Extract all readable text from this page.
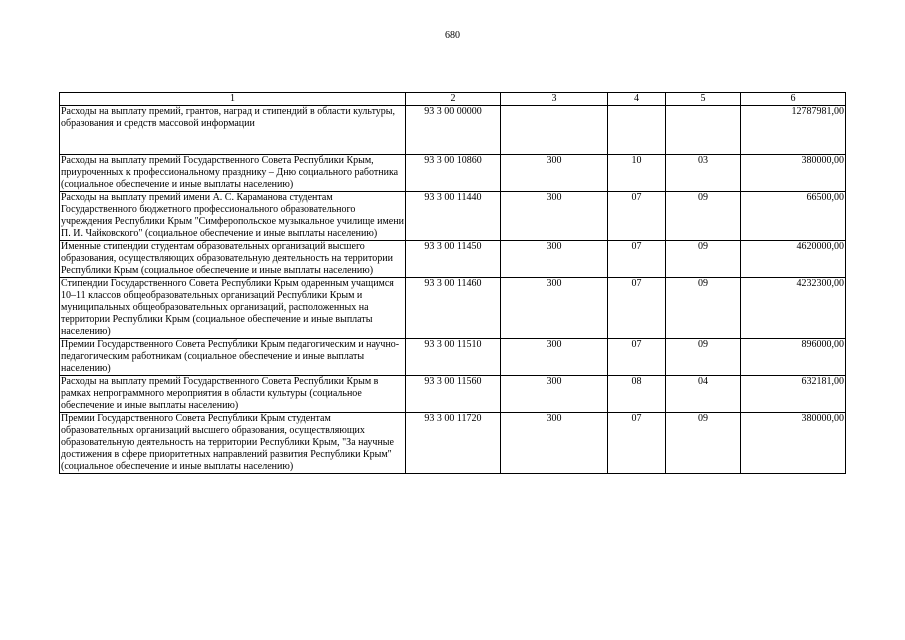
680
1	2	3	4	5	6
Расходы на выплату премий, грантов, наград и стипендий в области культуры, образования и средств массовой информации	93 3 00 00000				12787981,00
Расходы на выплату премий Государственного Совета Республики Крым, приуроченных к профессиональному празднику – Дню социального работника (социальное обеспечение и иные выплаты населению)	93 3 00 10860	300	10	03	380000,00
Расходы на выплату премий имени А. С. Караманова студентам Государственного бюджетного профессионального образовательного учреждения Республики Крым "Симферопольское музыкальное училище имени П. И. Чайковского" (социальное обеспечение и иные выплаты населению)	93 3 00 11440	300	07	09	66500,00
Именные стипендии студентам образовательных организаций высшего образования, осуществляющих образовательную деятельность на территории Республики Крым (социальное обеспечение и иные выплаты населению)	93 3 00 11450	300	07	09	4620000,00
Стипендии Государственного Совета Республики Крым одаренным учащимся 10–11 классов общеобразовательных организаций Республики Крым и муниципальных общеобразовательных организаций, расположенных на территории Республики Крым (социальное обеспечение и иные выплаты населению)	93 3 00 11460	300	07	09	4232300,00
Премии Государственного Совета Республики Крым педагогическим и научно-педагогическим работникам (социальное обеспечение и иные выплаты населению)	93 3 00 11510	300	07	09	896000,00
Расходы на выплату премий Государственного Совета Республики Крым в рамках непрограммного мероприятия в области культуры (социальное обеспечение и иные выплаты населению)	93 3 00 11560	300	08	04	632181,00
Премии Государственного Совета Республики Крым студентам образовательных организаций высшего образования, осуществляющих образовательную деятельность на территории Республики Крым, "За научные достижения в сфере приоритетных направлений развития Республики Крым" (социальное обеспечение и иные выплаты населению)	93 3 00 11720	300	07	09	380000,00
